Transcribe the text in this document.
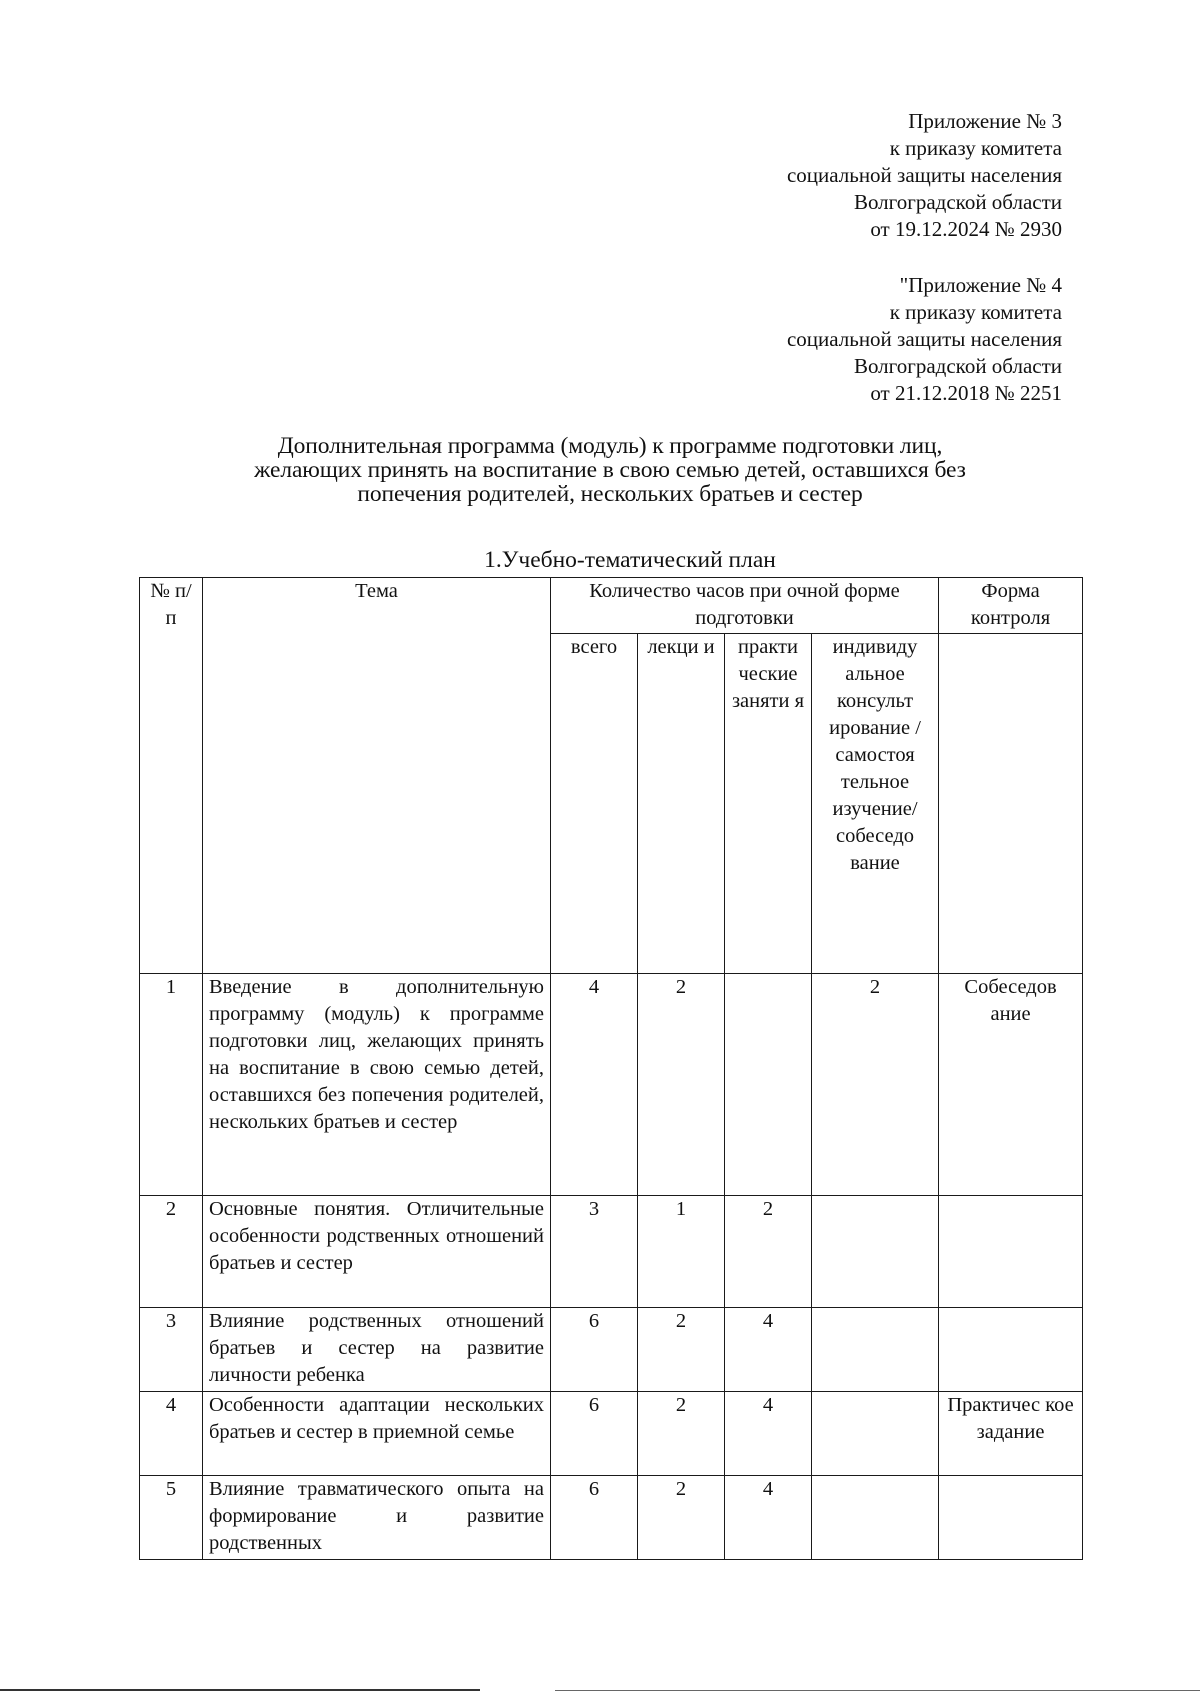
Приложение № 3
к приказу комитета
социальной защиты населения
Волгоградской области
от 19.12.2024 № 2930
"Приложение № 4
к приказу комитета
социальной защиты населения
Волгоградской области
от 21.12.2018 № 2251
Дополнительная программа (модуль) к программе подготовки лиц,
желающих принять на воспитание в свою семью детей, оставшихся без
попечения родителей, нескольких братьев и сестер
1.Учебно-тематический план
№ п/п	Тема	Количество часов при очной форме подготовки				Форма контроля
		всего	лекци и	практи ческие заняти я	индивиду альное консульт ирование / самостоя тельное изучение/ собеседо вание	
1	Введение в дополнительную программу (модуль) к программе подготовки лиц, желающих принять на воспитание в свою семью детей, оставшихся без попечения родителей, нескольких братьев и сестер	4	2		2	Собеседов ание
2	Основные понятия. Отличительные особенности родственных отношений братьев и сестер	3	1	2		
3	Влияние родственных отношений братьев и сестер на развитие личности ребенка	6	2	4		
4	Особенности адаптации нескольких братьев и сестер в приемной семье	6	2	4		Практичес кое задание
5	Влияние травматического опыта на формирование и развитие родственных	6	2	4		
